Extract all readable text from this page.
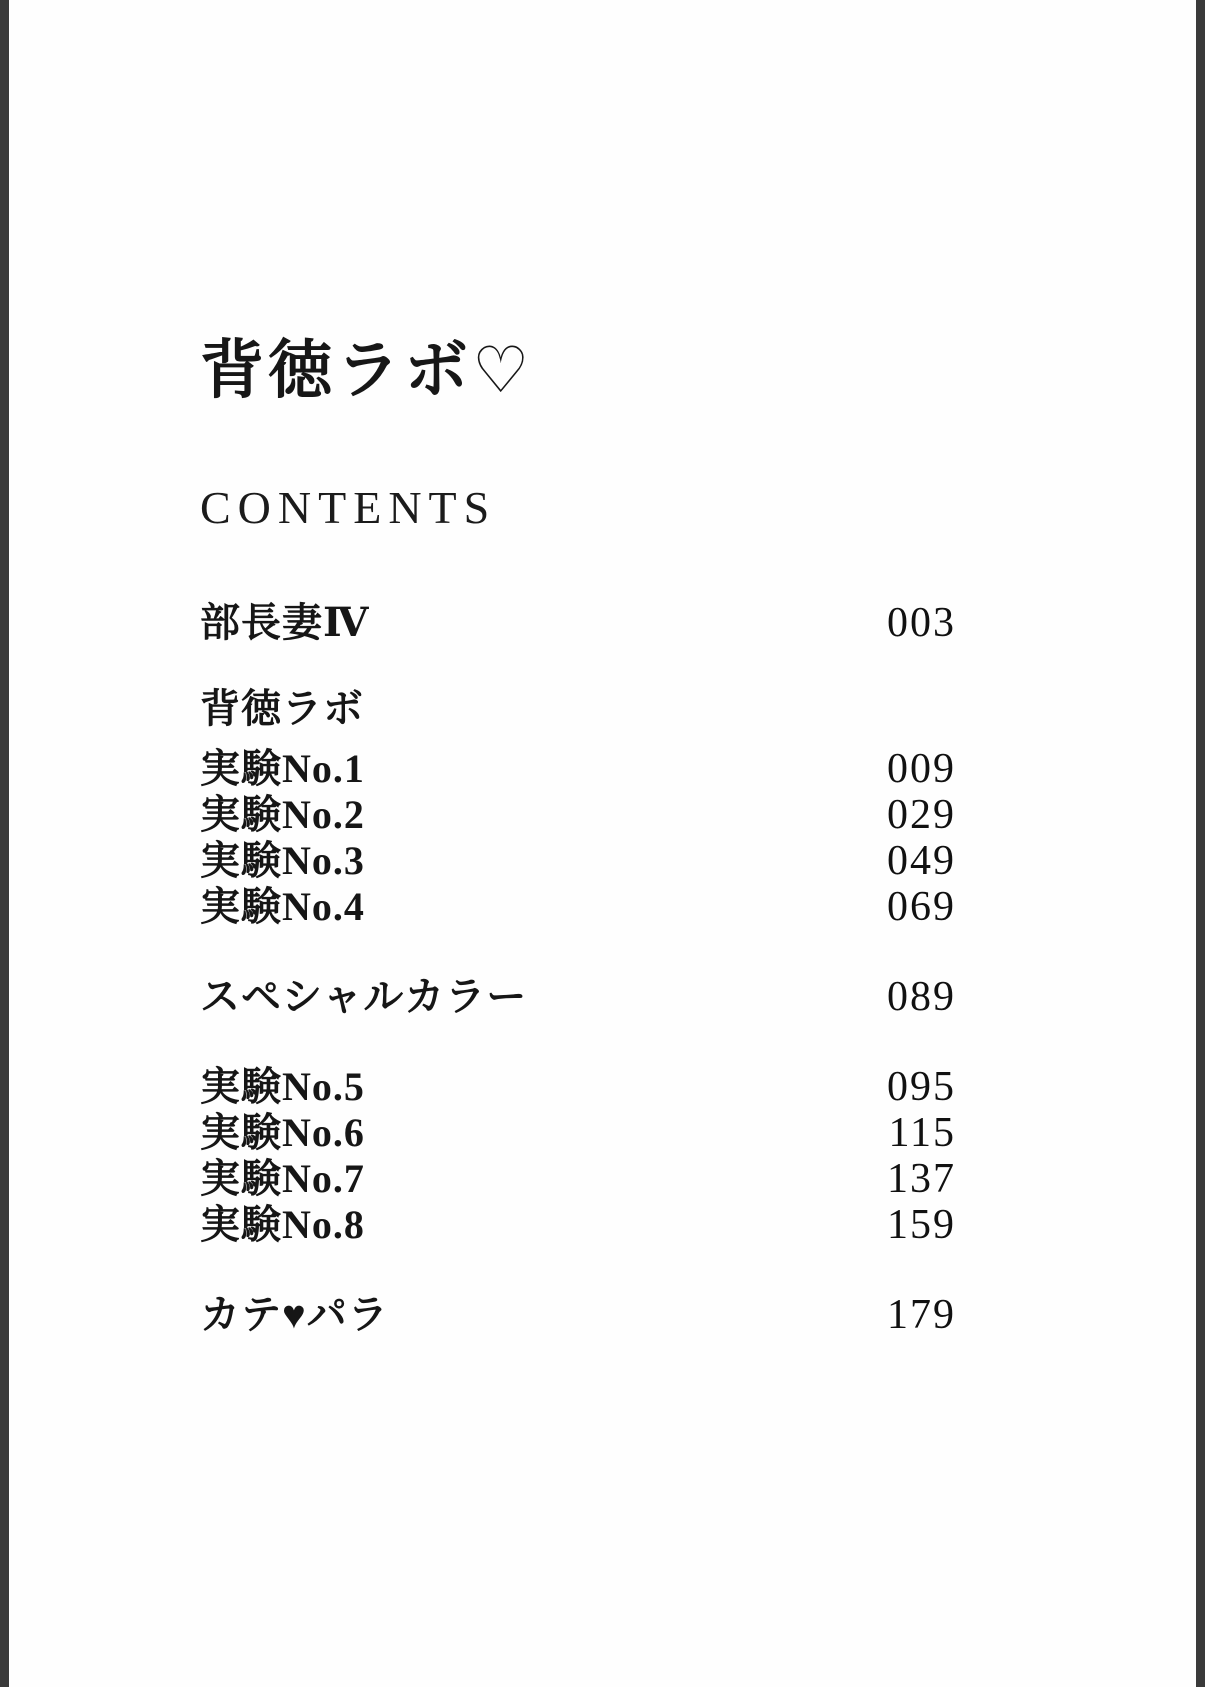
背徳ラボ♡
CONTENTS
部長妻Ⅳ	003
背徳ラボ
実験No.1	009
実験No.2	029
実験No.3	049
実験No.4	069
スペシャルカラー	089
実験No.5	095
実験No.6	115
実験No.7	137
実験No.8	159
カテ♥パラ	179
